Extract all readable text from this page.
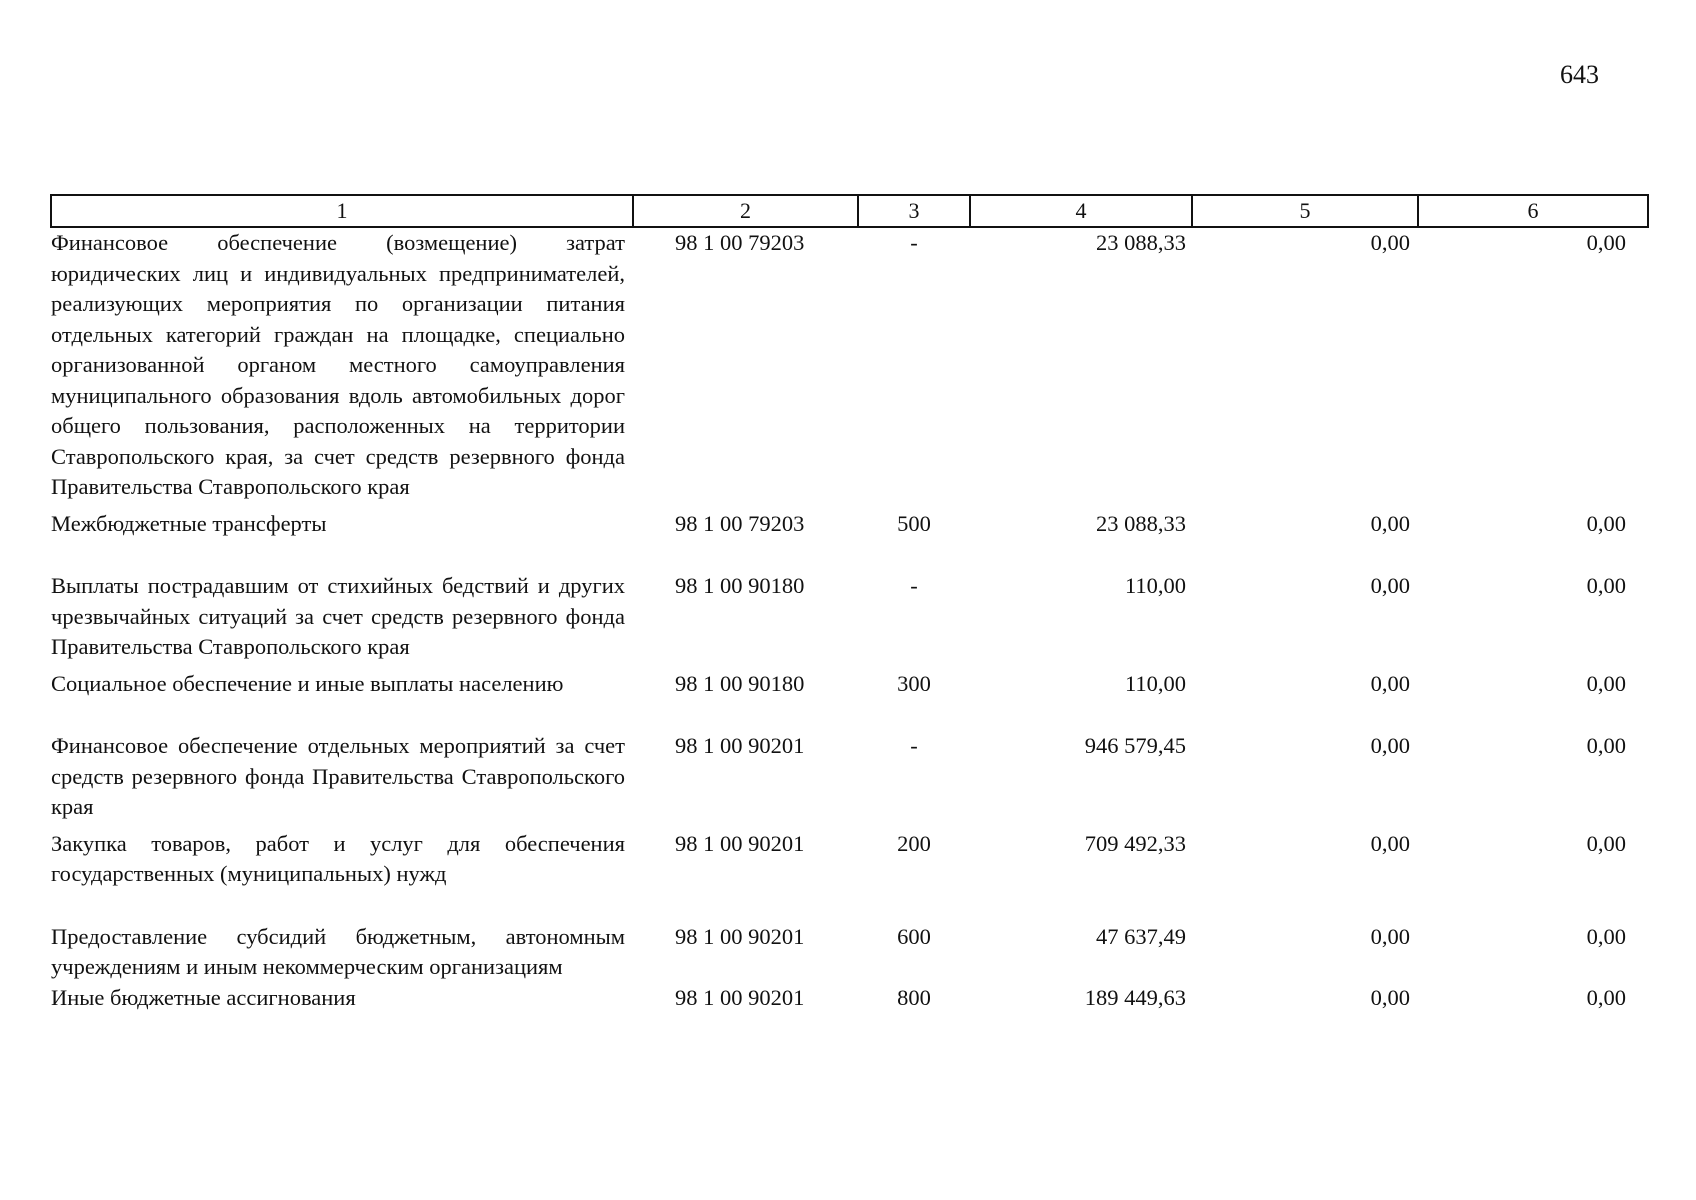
643
1	2	3	4	5	6
Финансовое обеспечение (возмещение) затрат юридических лиц и индивидуальных предпринимателей, реализующих мероприятия по организации питания отдельных категорий граждан на площадке, специально организованной органом местного самоуправления муниципального образования вдоль автомобильных дорог общего пользования, расположенных на территории Ставропольского края, за счет средств резервного фонда Правительства Ставропольского края	98 1 00 79203	-	23 088,33	0,00	0,00
Межбюджетные трансферты	98 1 00 79203	500	23 088,33	0,00	0,00
Выплаты пострадавшим от стихийных бедствий и других чрезвычайных ситуаций за счет средств резервного фонда Правительства Ставропольского края	98 1 00 90180	-	110,00	0,00	0,00
Социальное обеспечение и иные выплаты населению	98 1 00 90180	300	110,00	0,00	0,00
Финансовое обеспечение отдельных мероприятий за счет средств резервного фонда Правительства Ставропольского края	98 1 00 90201	-	946 579,45	0,00	0,00
Закупка товаров, работ и услуг для обеспечения государственных (муниципальных) нужд	98 1 00 90201	200	709 492,33	0,00	0,00
Предоставление субсидий бюджетным, автономным учреждениям и иным некоммерческим организациям	98 1 00 90201	600	47 637,49	0,00	0,00
Иные бюджетные ассигнования	98 1 00 90201	800	189 449,63	0,00	0,00
